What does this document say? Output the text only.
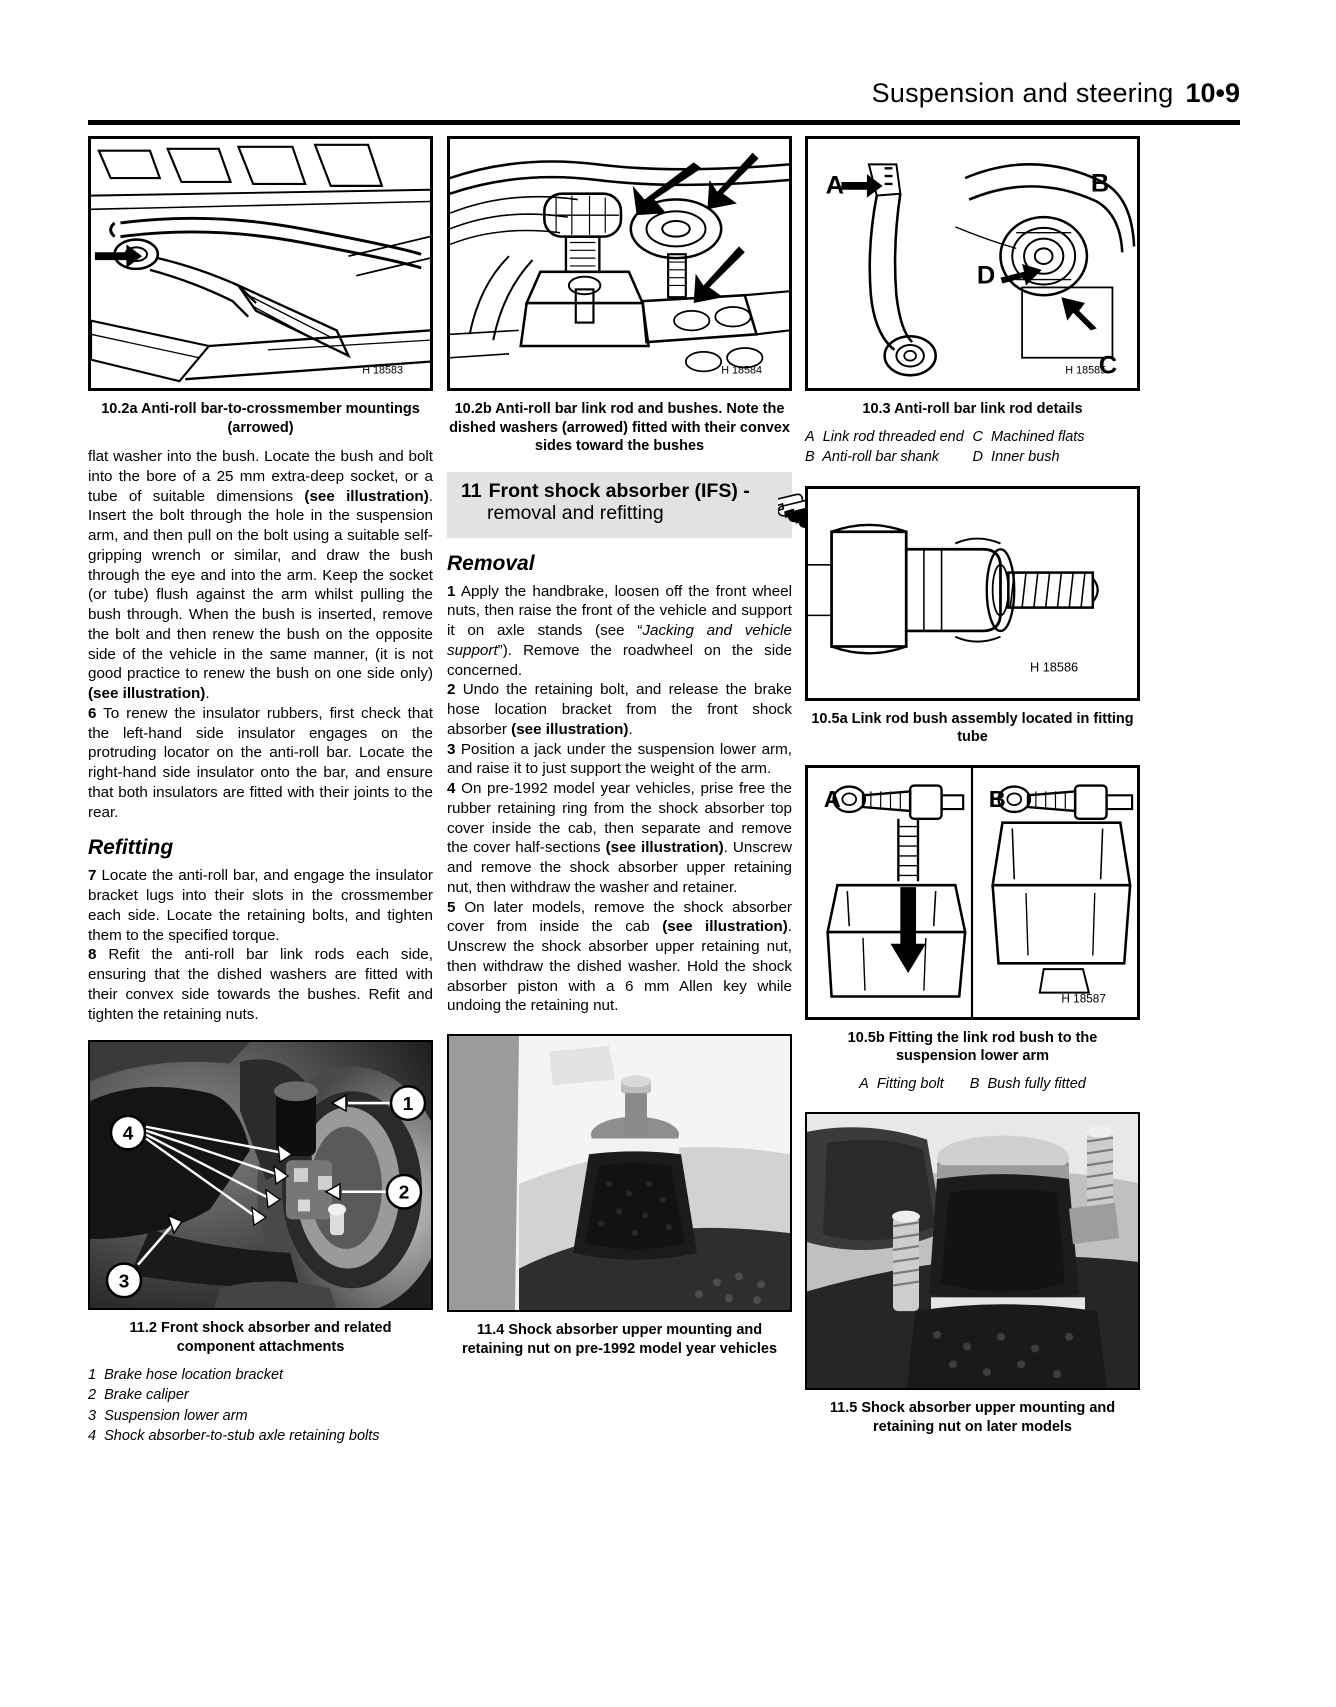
Suspension and steering 10•9
H 18583
10.2a Anti-roll bar-to-crossmember mountings (arrowed)

flat washer into the bush. Locate the bush and bolt into the bore of a 25 mm extra-deep socket, or a tube of suitable dimensions (see illustration). Insert the bolt through the hole in the suspension arm, and then pull on the bolt using a suitable self-gripping wrench or similar, and draw the bush through the eye and into the arm. Keep the socket (or tube) flush against the arm whilst pulling the bush through. When the bush is inserted, remove the bolt and then renew the bush on the opposite side of the vehicle in the same manner, (it is not good practice to renew the bush on one side only) (see illustration).

6 To renew the insulator rubbers, first check that the left-hand side insulator engages on the protruding locator on the anti-roll bar. Locate the right-hand side insulator onto the bar, and ensure that both insulators are fitted with their joints to the rear.

Refitting

7 Locate the anti-roll bar, and engage the insulator bracket lugs into their slots in the crossmember each side. Locate the retaining bolts, and tighten them to the specified torque.

8 Refit the anti-roll bar link rods each side, ensuring that the dished washers are fitted with their convex side towards the bushes. Refit and tighten the retaining nuts.

1
2
3
4
11.2 Front shock absorber and related component attachments
1 Brake hose location bracket
2 Brake caliper
3 Suspension lower arm
4 Shock absorber-to-stub axle retaining bolts
H 18584
10.2b Anti-roll bar link rod and bushes. Note the dished washers (arrowed) fitted with their convex sides toward the bushes
11 Front shock absorber (IFS) -
removal and refitting
Removal

1 Apply the handbrake, loosen off the front wheel nuts, then raise the front of the vehicle and support it on axle stands (see “Jacking and vehicle support”). Remove the roadwheel on the side concerned.

2 Undo the retaining bolt, and release the brake hose location bracket from the front shock absorber (see illustration).

3 Position a jack under the suspension lower arm, and raise it to just support the weight of the arm.

4 On pre-1992 model year vehicles, prise free the rubber retaining ring from the shock absorber top cover inside the cab, then separate and remove the cover half-sections (see illustration). Unscrew and remove the shock absorber upper retaining nut, then withdraw the washer and retainer.

5 On later models, remove the shock absorber cover from inside the cab (see illustration). Unscrew the shock absorber upper retaining nut, then withdraw the dished washer. Hold the shock absorber piston with a 6 mm Allen key while undoing the retaining nut.

11.4 Shock absorber upper mounting and retaining nut on pre-1992 model year vehicles
A	B
C
D
H 18585
10.3 Anti-roll bar link rod details
A Link rod threaded end
B Anti-roll bar shank
C Machined flats
D Inner bush
H 18586
10.5a Link rod bush assembly located in fitting tube
A	B
H 18587
10.5b Fitting the link rod bush to the suspension lower arm
A Fitting bolt B Bush fully fitted
11.5 Shock absorber upper mounting and retaining nut on later models
